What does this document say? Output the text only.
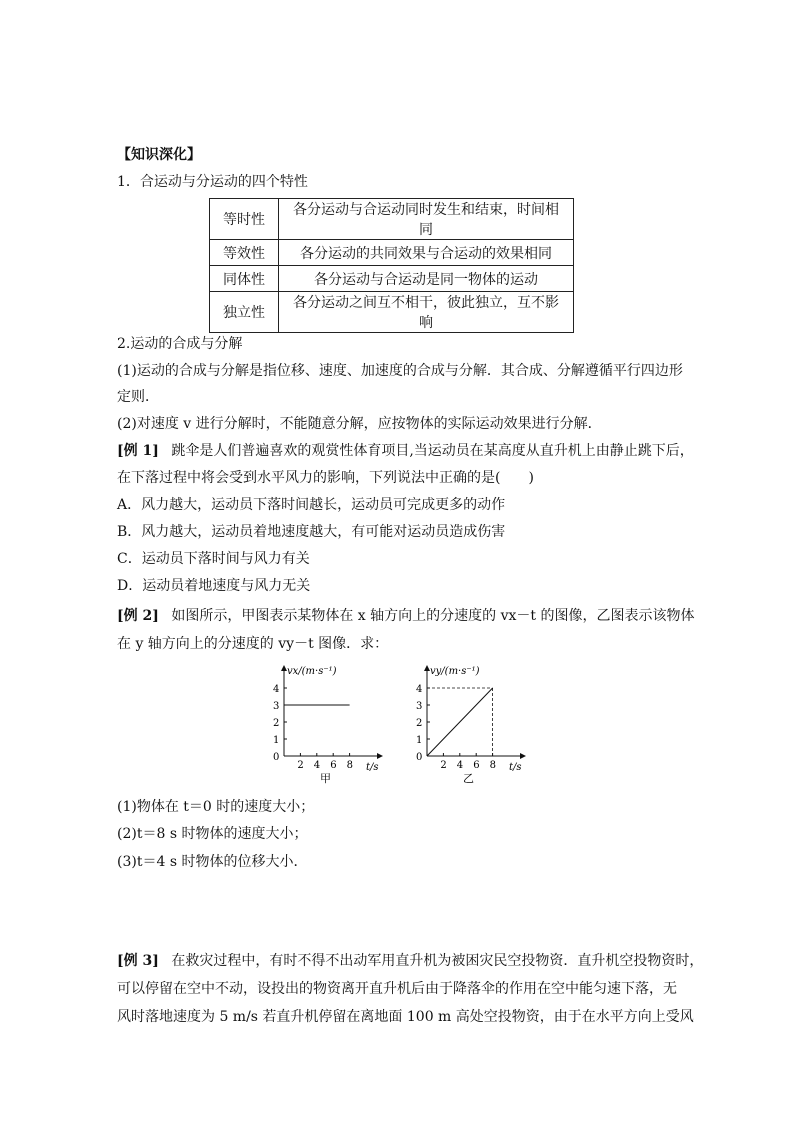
【知识深化】
1．合运动与分运动的四个特性
等时性	各分运动与合运动同时发生和结束，时间相同
等效性	各分运动的共同效果与合运动的效果相同
同体性	各分运动与合运动是同一物体的运动
独立性	各分运动之间互不相干，彼此独立，互不影响
2.运动的合成与分解
(1)运动的合成与分解是指位移、速度、加速度的合成与分解．其合成、分解遵循平行四边形
定则．
(2)对速度 v 进行分解时，不能随意分解，应按物体的实际运动效果进行分解．
[例 1] 跳伞是人们普遍喜欢的观赏性体育项目,当运动员在某高度从直升机上由静止跳下后，
在下落过程中将会受到水平风力的影响，下列说法中正确的是(　　)
A．风力越大，运动员下落时间越长，运动员可完成更多的动作
B．风力越大，运动员着地速度越大，有可能对运动员造成伤害
C．运动员下落时间与风力有关
D．运动员着地速度与风力无关
[例 2] 如图所示，甲图表示某物体在 x 轴方向上的分速度的 vx－t 的图像，乙图表示该物体
在 y 轴方向上的分速度的 vy－t 图像．求：
vx/(m·s⁻¹)
t/s
甲
0
1
2
3
4
2 4 6 8
vy/(m·s⁻¹)
t/s
乙
0
1
2
3
4
2 4 6 8
(1)物体在 t＝0 时的速度大小；
(2)t＝8 s 时物体的速度大小；
(3)t＝4 s 时物体的位移大小．
[例 3] 在救灾过程中，有时不得不出动军用直升机为被困灾民空投物资．直升机空投物资时，
可以停留在空中不动，设投出的物资离开直升机后由于降落伞的作用在空中能匀速下落，无
风时落地速度为 5 m/s 若直升机停留在离地面 100 m 高处空投物资，由于在水平方向上受风
